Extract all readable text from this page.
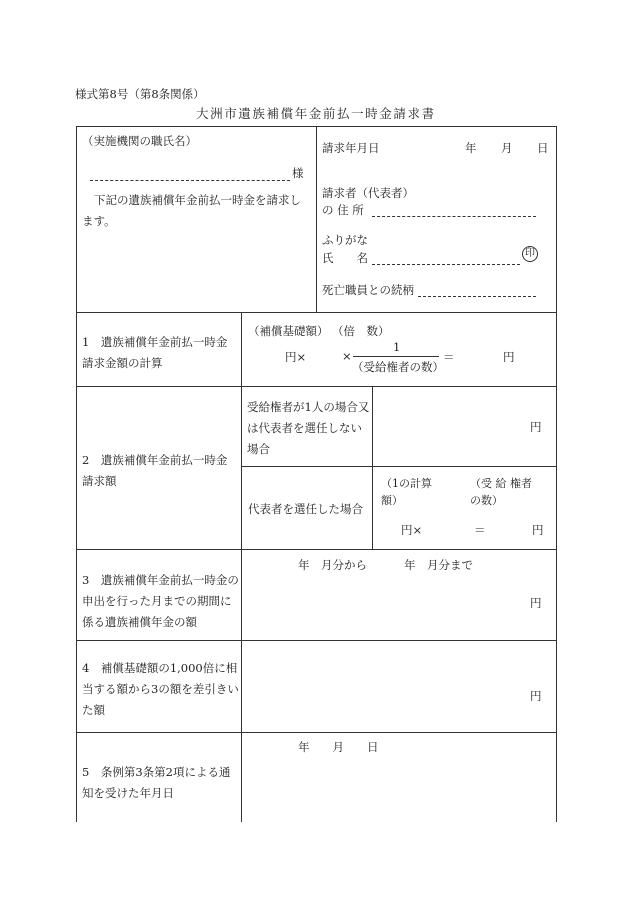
様式第8号（第8条関係）
大洲市遺族補償年金前払一時金請求書
（実施機関の職氏名）
様
下記の遺族補償年金前払一時金を請求します。
請求年月日	年 月 日
請求者（代表者）
の 住 所
ふりがな
氏　　名	印
死亡職員との続柄
1　遺族補償年金前払一時金請求金額の計算
（補償基礎額） （倍　数）
円×	×
1
（受給権者の数）
＝	円
2　遺族補償年金前払一時金請求額
受給権者が1人の場合又は代表者を選任しない場合
円
代表者を選任した場合
（1の計算額）
（受 給 権者の数）
円×	＝	円
3　遺族補償年金前払一時金の申出を行った月までの期間に係る遺族補償年金の額
年　月分から	年　月分まで
円
4　補償基礎額の1,000倍に相当する額から3の額を差引きいた額
円
5　条例第3条第2項による通知を受けた年月日
年　　月　　日
